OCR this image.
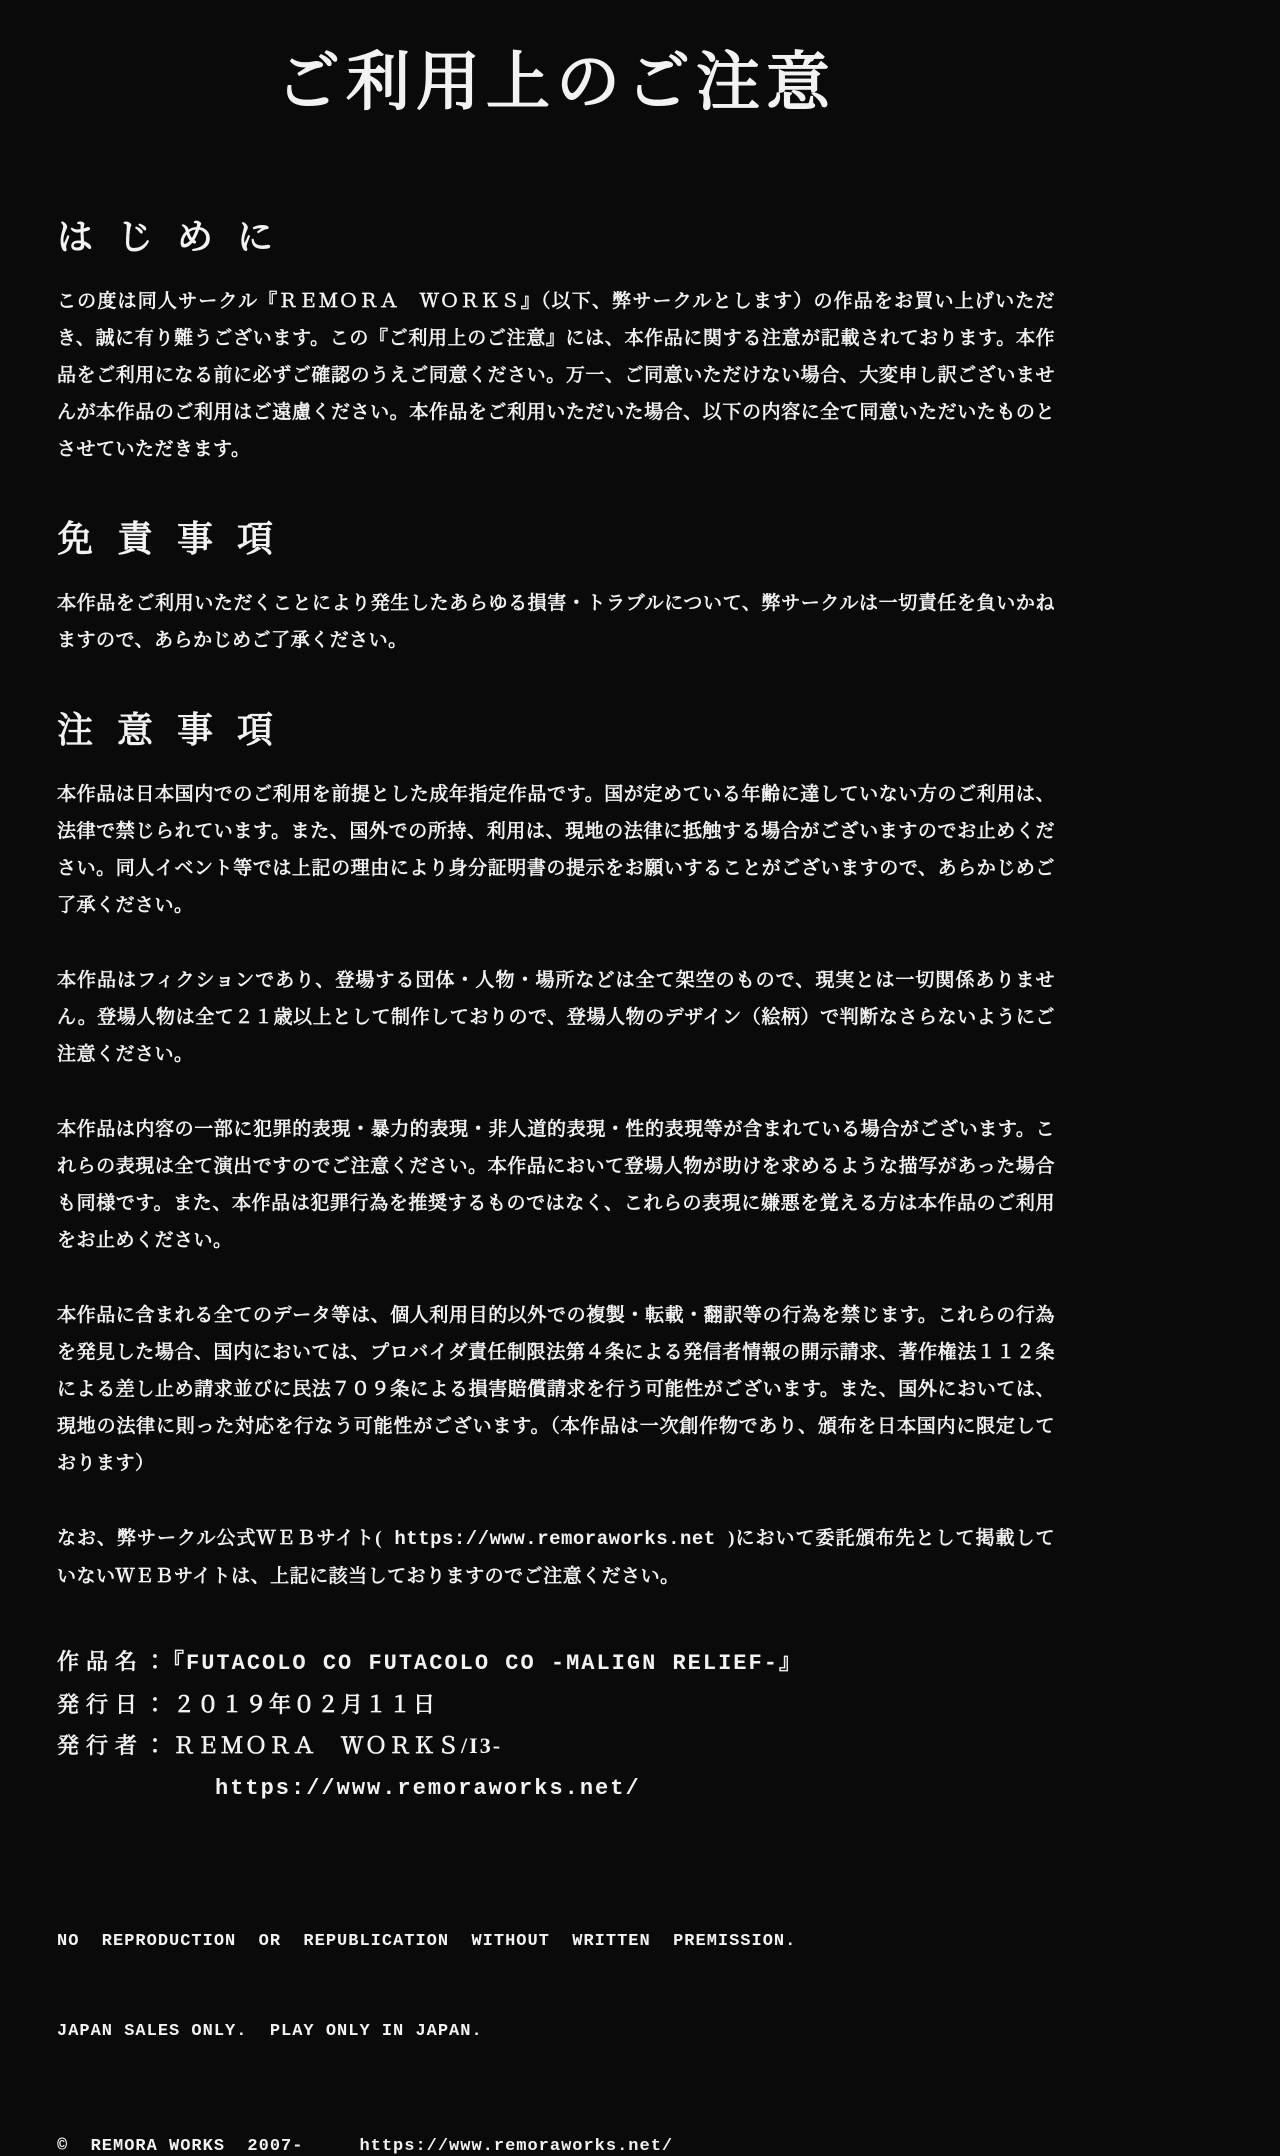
ご利用上のご注意
はじめに

この度は同人サークル『ＲＥＭＯＲＡ　ＷＯＲＫＳ』（以下、弊サークルとします）の作品をお買い上げいただき、誠に有り難うございます。この『ご利用上のご注意』には、本作品に関する注意が記載されております。本作品をご利用になる前に必ずご確認のうえご同意ください。万一、ご同意いただけない場合、大変申し訳ございませんが本作品のご利用はご遠慮ください。本作品をご利用いただいた場合、以下の内容に全て同意いただいたものとさせていただきます。

免責事項

本作品をご利用いただくことにより発生したあらゆる損害・トラブルについて、弊サークルは一切責任を負いかねますので、あらかじめご了承ください。

注意事項

本作品は日本国内でのご利用を前提とした成年指定作品です。国が定めている年齢に達していない方のご利用は、法律で禁じられています。また、国外での所持、利用は、現地の法律に抵触する場合がございますのでお止めください。同人イベント等では上記の理由により身分証明書の提示をお願いすることがございますので、あらかじめご了承ください。

本作品はフィクションであり、登場する団体・人物・場所などは全て架空のもので、現実とは一切関係ありません。登場人物は全て２１歳以上として制作しておりので、登場人物のデザイン（絵柄）で判断なさらないようにご注意ください。

本作品は内容の一部に犯罪的表現・暴力的表現・非人道的表現・性的表現等が含まれている場合がございます。これらの表現は全て演出ですのでご注意ください。本作品において登場人物が助けを求めるような描写があった場合も同様です。また、本作品は犯罪行為を推奨するものではなく、これらの表現に嫌悪を覚える方は本作品のご利用をお止めください。

本作品に含まれる全てのデータ等は、個人利用目的以外での複製・転載・翻訳等の行為を禁じます。これらの行為を発見した場合、国内においては、プロバイダ責任制限法第４条による発信者情報の開示請求、著作権法１１２条による差し止め請求並びに民法７０９条による損害賠償請求を行う可能性がございます。また、国外においては、現地の法律に則った対応を行なう可能性がございます。（本作品は一次創作物であり、頒布を日本国内に限定しております）

なお、弊サークル公式ＷＥＢサイト( https://www.remoraworks.net )において委託頒布先として掲載していないＷＥＢサイトは、上記に該当しておりますのでご注意ください。

作品名：『FUTACOLO CO FUTACOLO CO -MALIGN RELIEF-』
発行日：２０１９年０２月１１日
発行者：ＲＥＭＯＲＡ　ＷＯＲＫＳ/I3-
https://www.remoraworks.net/

NO  REPRODUCTION  OR  REPUBLICATION  WITHOUT  WRITTEN  PREMISSION.

JAPAN SALES ONLY.  PLAY ONLY IN JAPAN.

©  REMORA WORKS  2007-     https://www.remoraworks.net/
